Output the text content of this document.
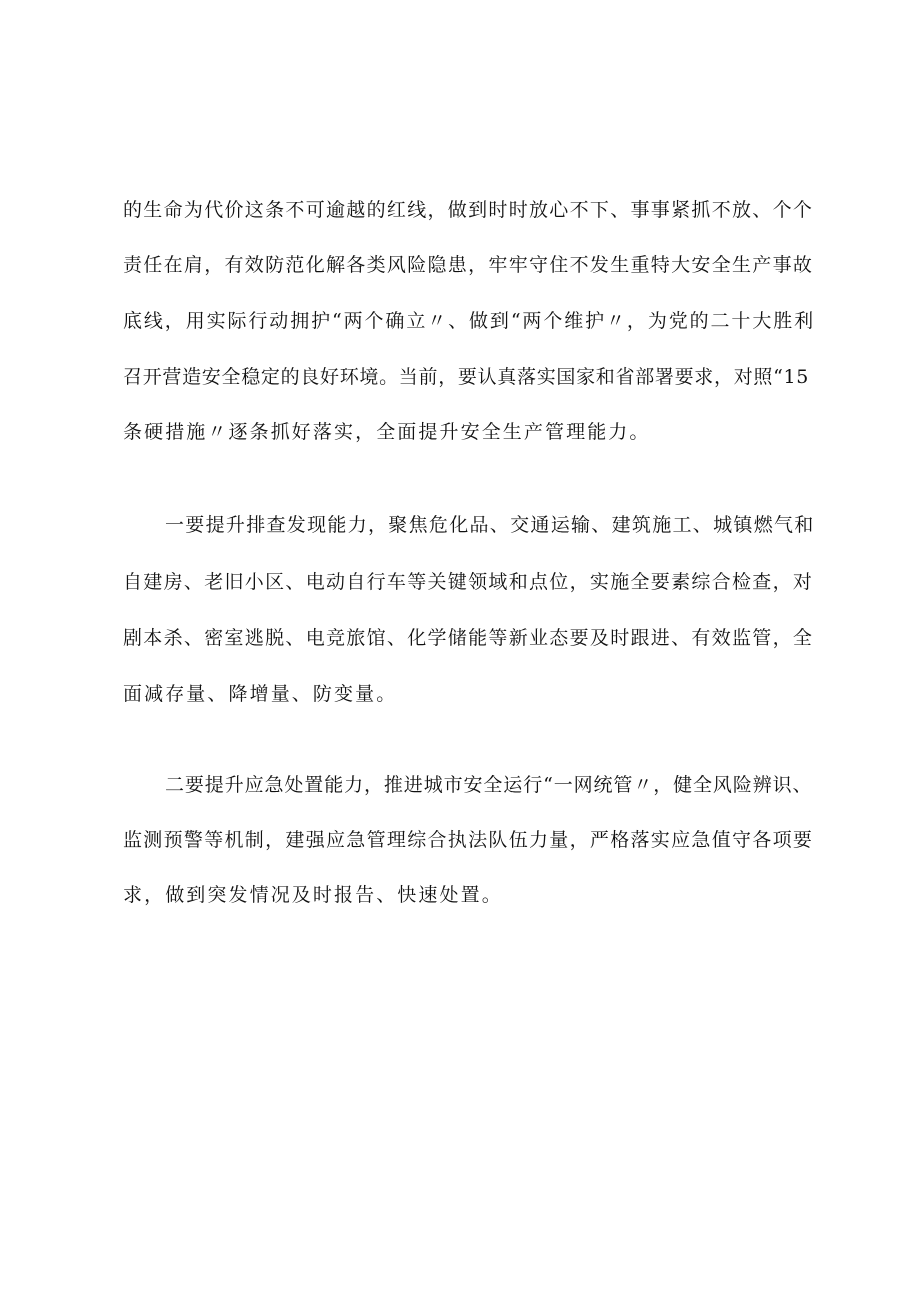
的生命为代价这条不可逾越的红线，做到时时放心不下、事事紧抓不放、个个
责任在肩，有效防范化解各类风险隐患，牢牢守住不发生重特大安全生产事故
底线，用实际行动拥护“两个确立〃、做到“两个维护〃，为党的二十大胜利
召开营造安全稳定的良好环境。当前，要认真落实国家和省部署要求，对照“15
条硬措施〃逐条抓好落实，全面提升安全生产管理能力。
一要提升排查发现能力，聚焦危化品、交通运输、建筑施工、城镇燃气和
自建房、老旧小区、电动自行车等关键领域和点位，实施全要素综合检查，对
剧本杀、密室逃脱、电竞旅馆、化学储能等新业态要及时跟进、有效监管，全
面减存量、降增量、防变量。
二要提升应急处置能力，推进城市安全运行“一网统管〃，健全风险辨识、
监测预警等机制，建强应急管理综合执法队伍力量，严格落实应急值守各项要
求，做到突发情况及时报告、快速处置。
